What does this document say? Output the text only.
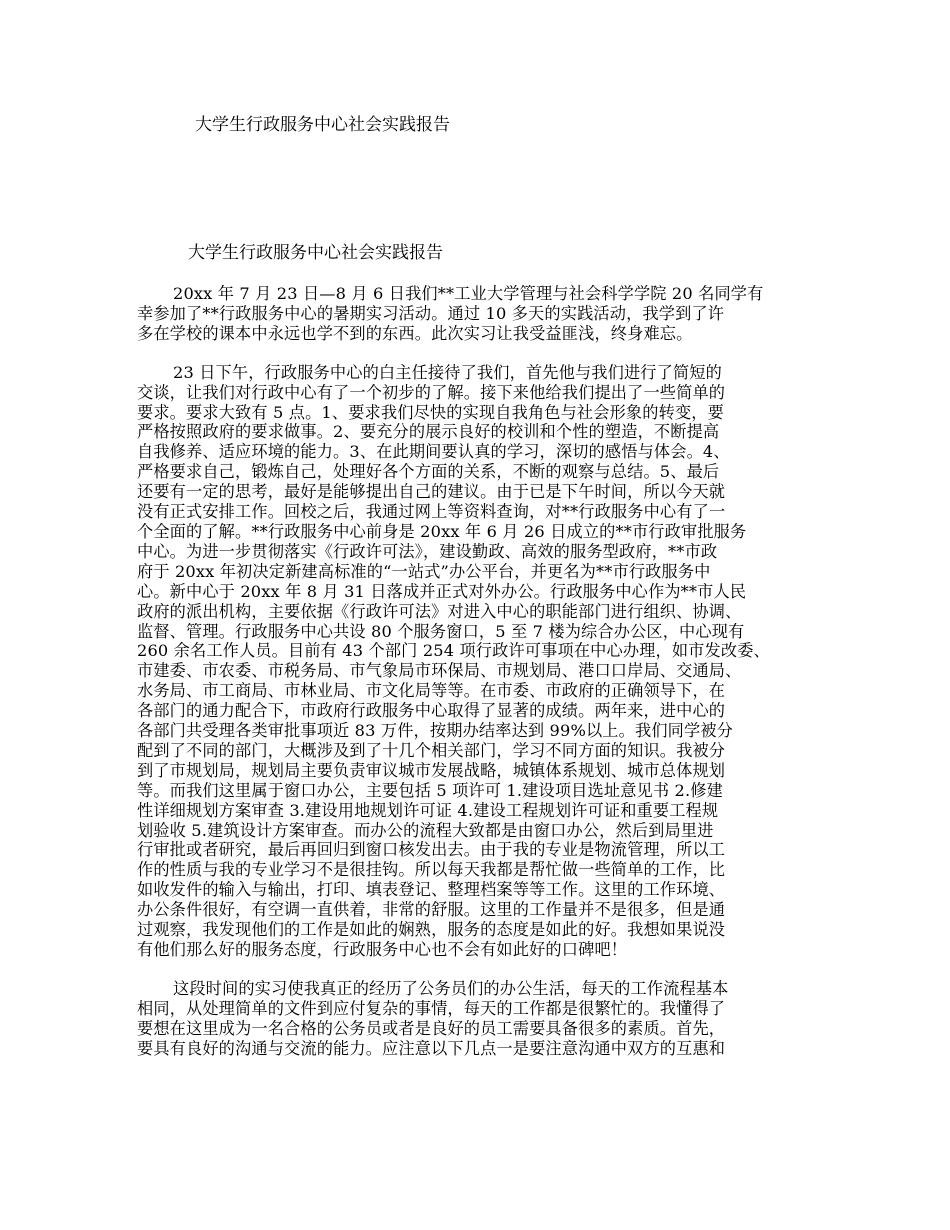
大学生行政服务中心社会实践报告
大学生行政服务中心社会实践报告
20xx 年 7 月 23 日—8 月 6 日我们**工业大学管理与社会科学学院 20 名同学有
幸参加了**行政服务中心的暑期实习活动。通过 10 多天的实践活动，我学到了许
多在学校的课本中永远也学不到的东西。此次实习让我受益匪浅，终身难忘。
23 日下午，行政服务中心的白主任接待了我们，首先他与我们进行了简短的
交谈，让我们对行政中心有了一个初步的了解。接下来他给我们提出了一些简单的
要求。要求大致有 5 点。1、要求我们尽快的实现自我角色与社会形象的转变，要
严格按照政府的要求做事。2、要充分的展示良好的校训和个性的塑造，不断提高
自我修养、适应环境的能力。3、在此期间要认真的学习，深切的感悟与体会。4、
严格要求自己，锻炼自己，处理好各个方面的关系，不断的观察与总结。5、最后
还要有一定的思考，最好是能够提出自己的建议。由于已是下午时间，所以今天就
没有正式安排工作。回校之后，我通过网上等资料查询，对**行政服务中心有了一
个全面的了解。**行政服务中心前身是 20xx 年 6 月 26 日成立的**市行政审批服务
中心。为进一步贯彻落实《行政许可法》，建设勤政、高效的服务型政府，**市政
府于 20xx 年初决定新建高标准的“一站式”办公平台，并更名为**市行政服务中
心。新中心于 20xx 年 8 月 31 日落成并正式对外办公。行政服务中心作为**市人民
政府的派出机构，主要依据《行政许可法》对进入中心的职能部门进行组织、协调、
监督、管理。行政服务中心共设 80 个服务窗口，5 至 7 楼为综合办公区，中心现有
260 余名工作人员。目前有 43 个部门 254 项行政许可事项在中心办理，如市发改委、
市建委、市农委、市税务局、市气象局市环保局、市规划局、港口口岸局、交通局、
水务局、市工商局、市林业局、市文化局等等。在市委、市政府的正确领导下，在
各部门的通力配合下，市政府行政服务中心取得了显著的成绩。两年来，进中心的
各部门共受理各类审批事项近 83 万件，按期办结率达到 99%以上。我们同学被分
配到了不同的部门，大概涉及到了十几个相关部门，学习不同方面的知识。我被分
到了市规划局，规划局主要负责审议城市发展战略，城镇体系规划、城市总体规划
等。而我们这里属于窗口办公，主要包括 5 项许可 1.建设项目选址意见书 2.修建
性详细规划方案审查 3.建设用地规划许可证 4.建设工程规划许可证和重要工程规
划验收 5.建筑设计方案审查。而办公的流程大致都是由窗口办公，然后到局里进
行审批或者研究，最后再回归到窗口核发出去。由于我的专业是物流管理，所以工
作的性质与我的专业学习不是很挂钩。所以每天我都是帮忙做一些简单的工作，比
如收发件的输入与输出，打印、填表登记、整理档案等等工作。这里的工作环境、
办公条件很好，有空调一直供着，非常的舒服。这里的工作量并不是很多，但是通
过观察，我发现他们的工作是如此的娴熟，服务的态度是如此的好。我想如果说没
有他们那么好的服务态度，行政服务中心也不会有如此好的口碑吧！
这段时间的实习使我真正的经历了公务员们的办公生活，每天的工作流程基本
相同，从处理简单的文件到应付复杂的事情，每天的工作都是很繁忙的。我懂得了
要想在这里成为一名合格的公务员或者是良好的员工需要具备很多的素质。首先，
要具有良好的沟通与交流的能力。应注意以下几点一是要注意沟通中双方的互惠和
